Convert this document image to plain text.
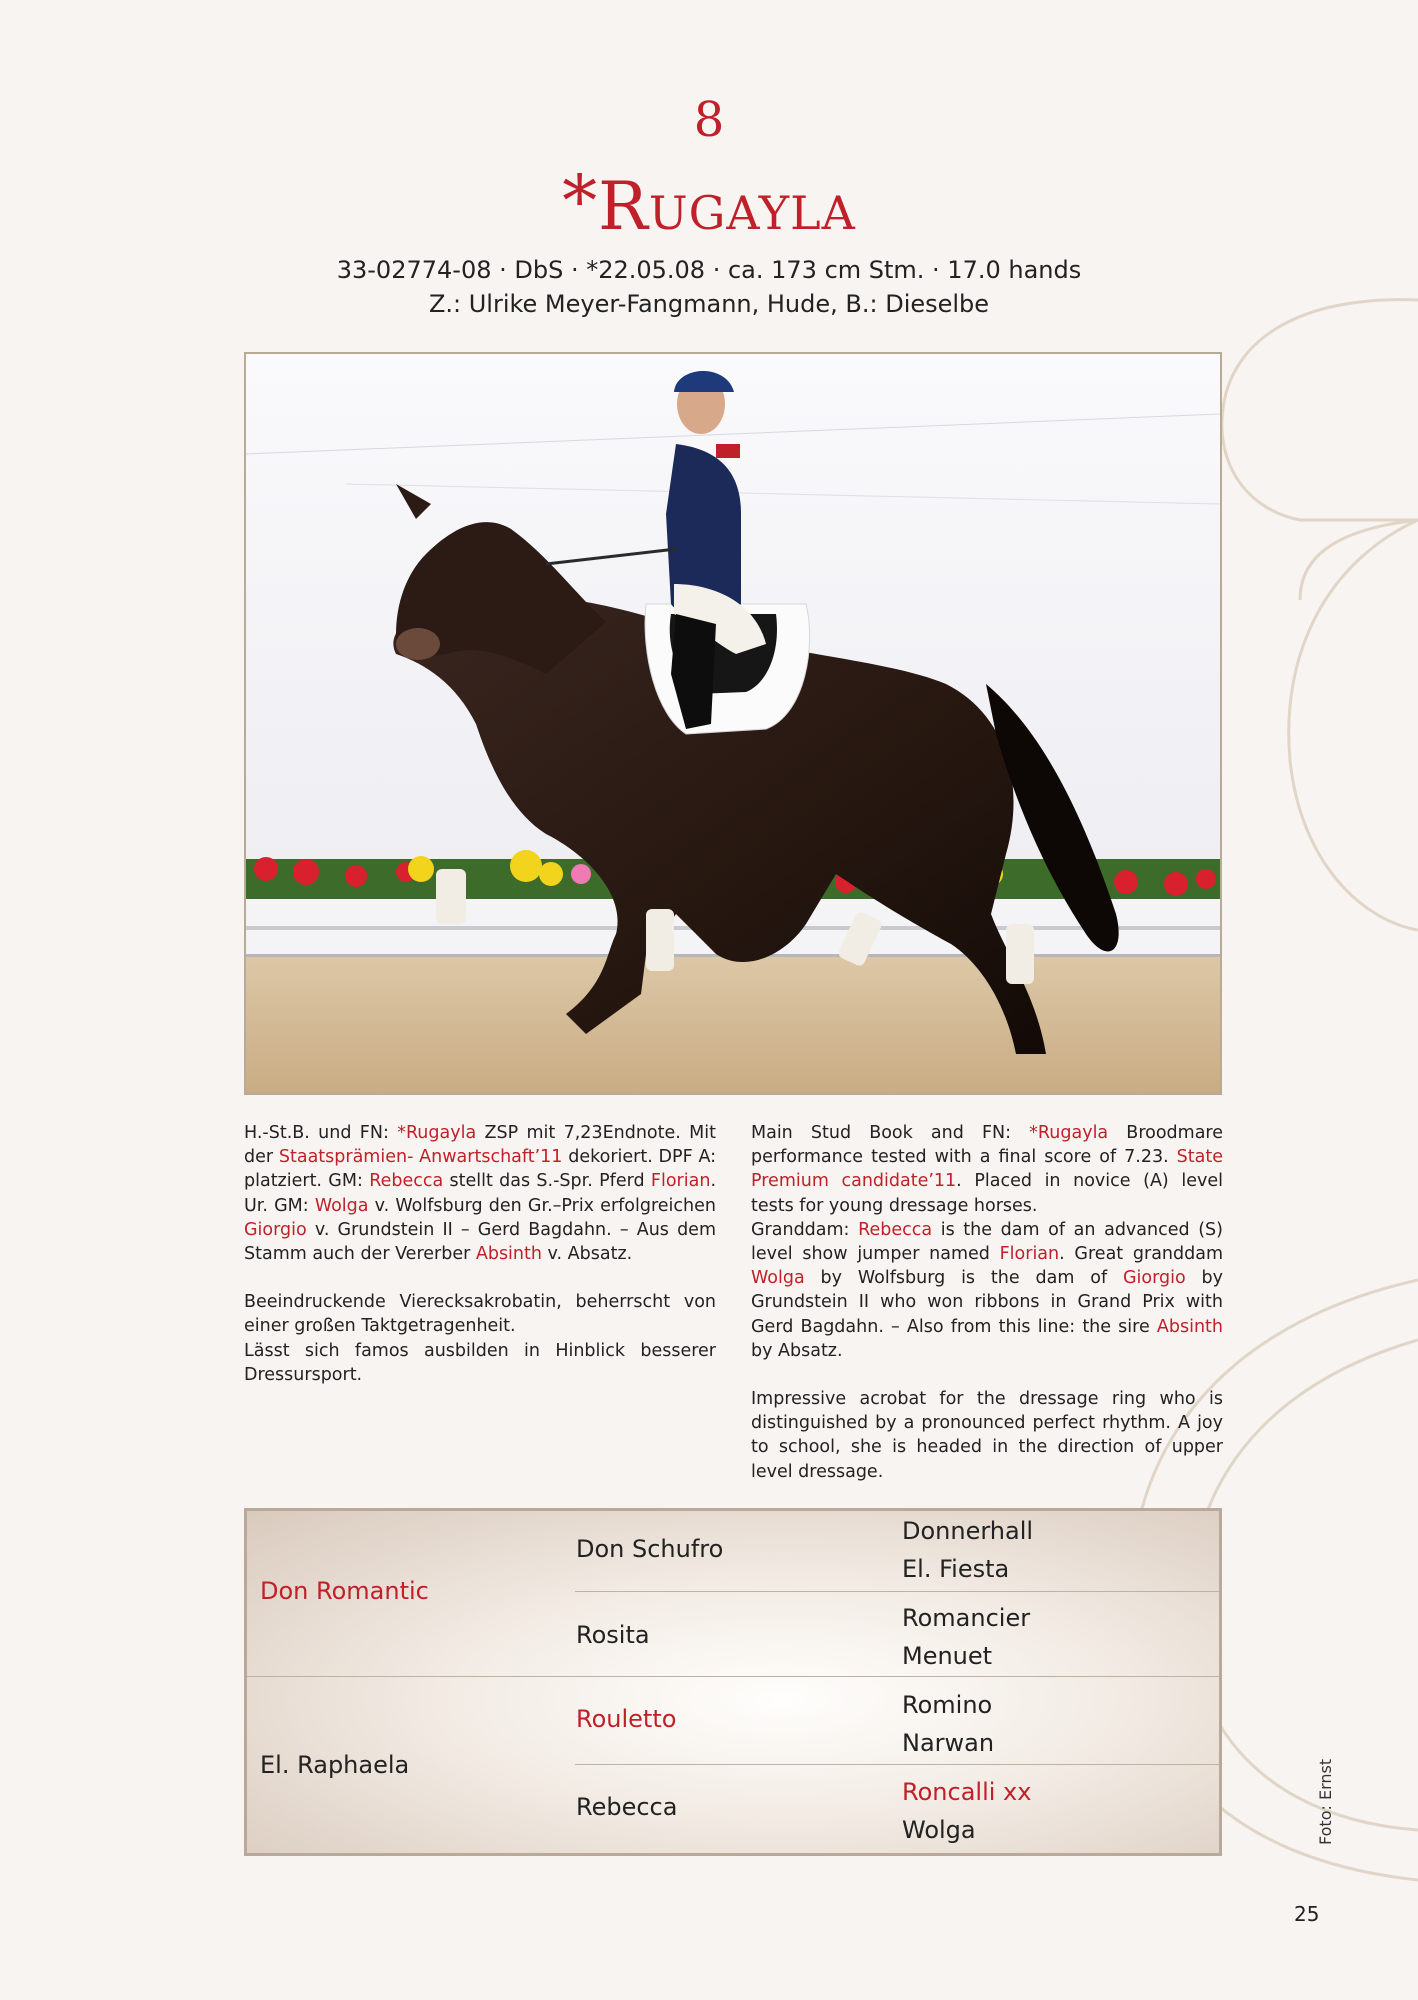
8
*RUGAYLA
33-02774-08 · DbS · *22.05.08 · ca. 173 cm Stm. · 17.0 hands
Z.: Ulrike Meyer-Fangmann, Hude, B.: Dieselbe

H.-St.B. und FN: *Rugayla ZSP mit 7,23Endnote. Mit der Staatsprämien- Anwartschaft’11 dekoriert. DPF A: platziert. GM: Rebecca stellt das S.-Spr. Pferd Florian. Ur. GM: Wolga v. Wolfsburg den Gr.–Prix erfolgreichen Giorgio v. Grundstein II – Gerd Bagdahn. – Aus dem Stamm auch der Vererber Absinth v. Absatz.

Beeindruckende Vierecksakrobatin, beherrscht von einer großen Taktgetragenheit.
Lässt sich famos ausbilden in Hinblick besserer Dressursport.

Main Stud Book and FN: *Rugayla Broodmare performance tested with a final score of 7.23. State Premium candidate’11. Placed in novice (A) level tests for young dressage horses.

Granddam: Rebecca is the dam of an advanced (S) level show jumper named Florian. Great granddam Wolga by Wolfsburg is the dam of Giorgio by Grundstein II who won ribbons in Grand Prix with Gerd Bagdahn. – Also from this line: the sire Absinth by Absatz.

Impressive acrobat for the dressage ring who is distinguished by a pronounced perfect rhythm. A joy to school, she is headed in the direction of upper level dressage.

Don Romantic
El. Raphaela
Don Schufro
Rosita
Rouletto
Rebecca
Donnerhall
El. Fiesta
Romancier
Menuet
Romino
Narwan
Roncalli xx
Wolga	Foto: Ernst
25
